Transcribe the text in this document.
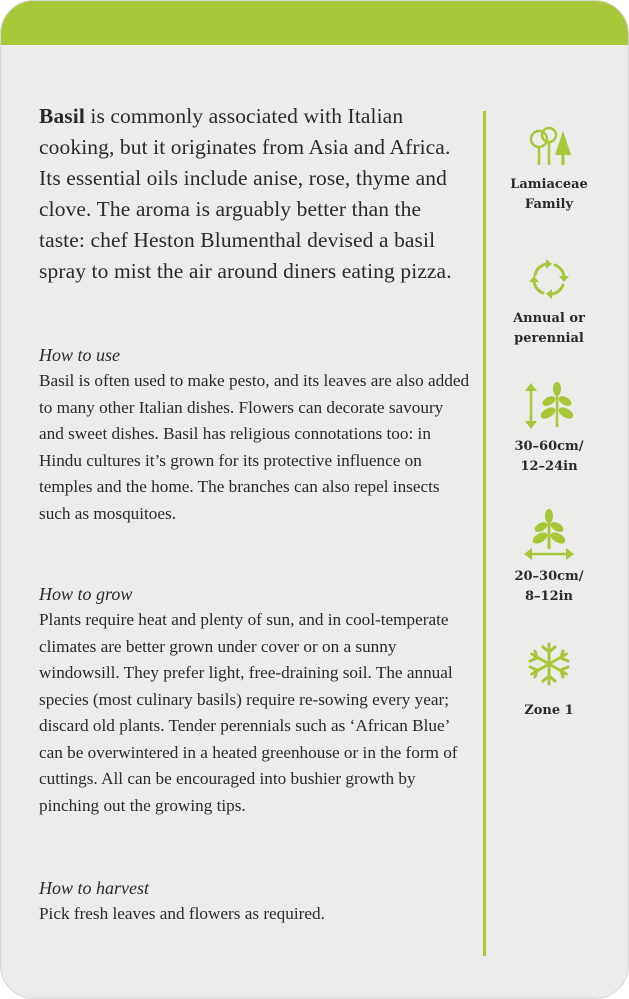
Basil is commonly associated with Italian cooking, but it originates from Asia and Africa. Its essential oils include anise, rose, thyme and clove. The aroma is arguably better than the taste: chef Heston Blumenthal devised a basil spray to mist the air around diners eating pizza.

How to use

Basil is often used to make pesto, and its leaves are also added to many other Italian dishes. Flowers can decorate savoury and sweet dishes. Basil has religious connotations too: in Hindu cultures it’s grown for its protective influence on temples and the home. The branches can also repel insects such as mosquitoes.

How to grow

Plants require heat and plenty of sun, and in cool-temperate climates are better grown under cover or on a sunny windowsill. They prefer light, free-draining soil. The annual species (most culinary basils) require re-sowing every year; discard old plants. Tender perennials such as ‘African Blue’ can be overwintered in a heated greenhouse or in the form of cuttings. All can be encouraged into bushier growth by pinching out the growing tips.

How to harvest

Pick fresh leaves and flowers as required.

Lamiaceae
Family
Annual or
perennial
30–60cm/
12–24in
20–30cm/
8–12in
Zone 1
